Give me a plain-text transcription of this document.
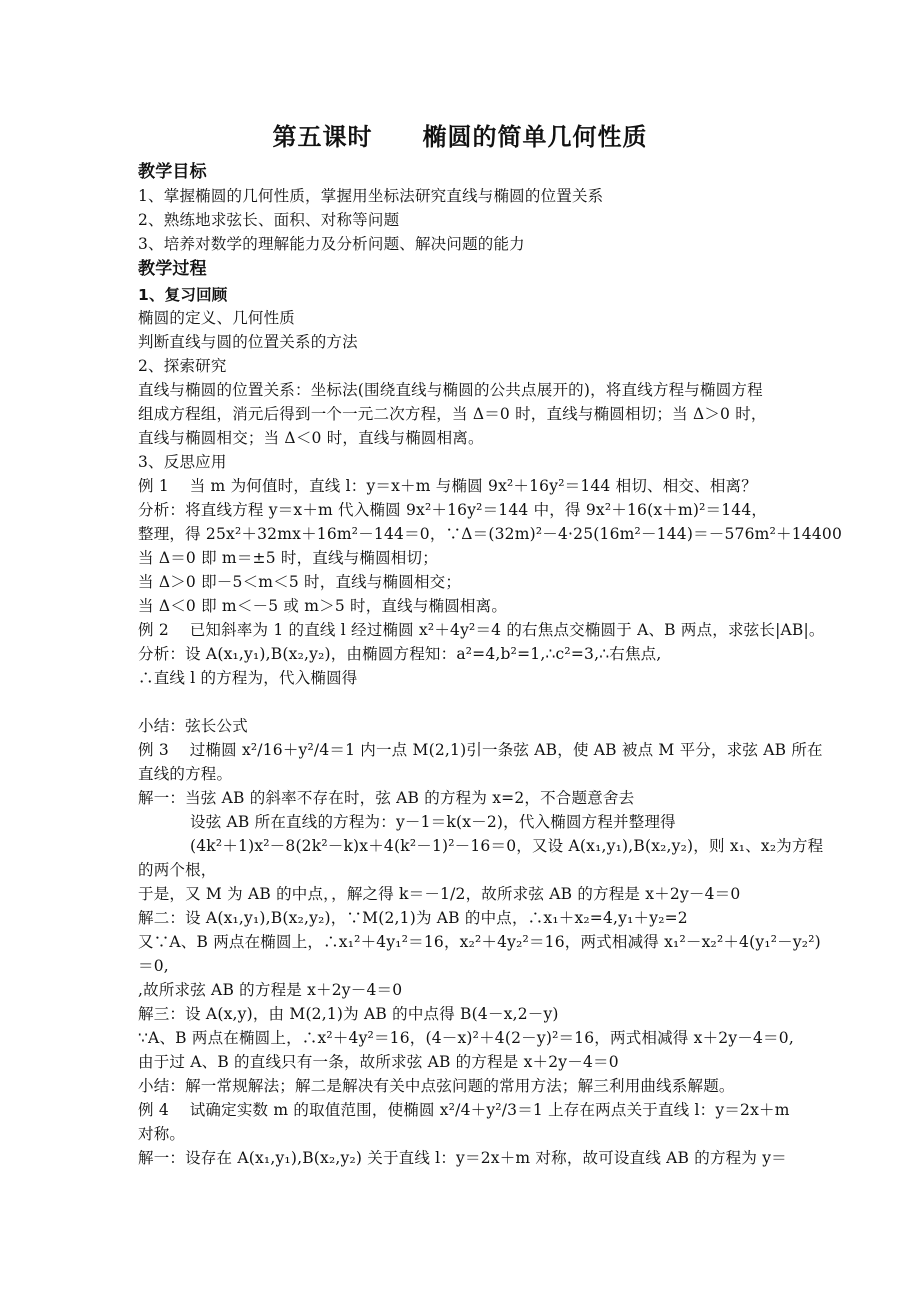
第五课时　　椭圆的简单几何性质
教学目标
1、掌握椭圆的几何性质，掌握用坐标法研究直线与椭圆的位置关系
2、熟练地求弦长、面积、对称等问题
3、培养对数学的理解能力及分析问题、解决问题的能力
教学过程
1、复习回顾
椭圆的定义、几何性质
判断直线与圆的位置关系的方法
2、探索研究
直线与椭圆的位置关系：坐标法(围绕直线与椭圆的公共点展开的)，将直线方程与椭圆方程
组成方程组，消元后得到一个一元二次方程，当 Δ＝0 时，直线与椭圆相切；当 Δ＞0 时，
直线与椭圆相交；当 Δ＜0 时，直线与椭圆相离。
3、反思应用
例 1　 当 m 为何值时，直线 l：y＝x＋m 与椭圆 9x²＋16y²＝144 相切、相交、相离？
分析：将直线方程 y＝x＋m 代入椭圆 9x²＋16y²＝144 中，得 9x²＋16(x＋m)²＝144，
整理，得 25x²＋32mx＋16m²－144＝0，∵Δ＝(32m)²－4·25(16m²－144)＝－576m²＋14400
当 Δ＝0 即 m＝±5 时，直线与椭圆相切；
当 Δ＞0 即－5＜m＜5 时，直线与椭圆相交；
当 Δ＜0 即 m＜－5 或 m＞5 时，直线与椭圆相离。
例 2　 已知斜率为 1 的直线 l 经过椭圆 x²＋4y²＝4 的右焦点交椭圆于 A、B 两点，求弦长|AB|。
分析：设 A(x₁,y₁),B(x₂,y₂)，由椭圆方程知：a²=4,b²=1,∴c²=3,∴右焦点,
∴直线 l 的方程为，代入椭圆得
小结：弦长公式
例 3　 过椭圆 x²/16＋y²/4＝1 内一点 M(2,1)引一条弦 AB，使 AB 被点 M 平分，求弦 AB 所在
直线的方程。
解一：当弦 AB 的斜率不存在时，弦 AB 的方程为 x=2，不合题意舍去
设弦 AB 所在直线的方程为：y－1＝k(x－2)，代入椭圆方程并整理得
(4k²＋1)x²－8(2k²－k)x＋4(k²－1)²－16＝0，又设 A(x₁,y₁),B(x₂,y₂)，则 x₁、x₂为方程
的两个根，
于是，又 M 为 AB 的中点，，解之得 k＝－1/2，故所求弦 AB 的方程是 x＋2y－4＝0
解二：设 A(x₁,y₁),B(x₂,y₂)，∵M(2,1)为 AB 的中点，∴x₁＋x₂=4,y₁＋y₂=2
又∵A、B 两点在椭圆上，∴x₁²＋4y₁²＝16，x₂²＋4y₂²＝16，两式相减得 x₁²－x₂²＋4(y₁²－y₂²)
＝0,
,故所求弦 AB 的方程是 x＋2y－4＝0
解三：设 A(x,y)，由 M(2,1)为 AB 的中点得 B(4－x,2－y)
∵A、B 两点在椭圆上，∴x²＋4y²＝16，(4－x)²＋4(2－y)²＝16，两式相减得 x＋2y－4＝0,
由于过 A、B 的直线只有一条，故所求弦 AB 的方程是 x＋2y－4＝0
小结：解一常规解法；解二是解决有关中点弦问题的常用方法；解三利用曲线系解题。
例 4　 试确定实数 m 的取值范围，使椭圆 x²/4＋y²/3＝1 上存在两点关于直线 l：y＝2x＋m
对称。
解一：设存在 A(x₁,y₁),B(x₂,y₂) 关于直线 l：y＝2x＋m 对称，故可设直线 AB 的方程为 y＝
